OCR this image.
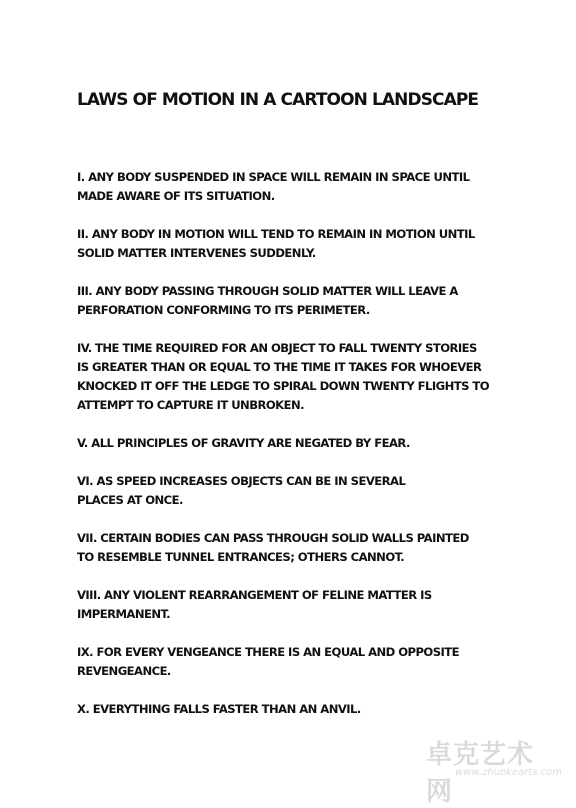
LAWS OF MOTION IN A CARTOON LANDSCAPE
I. ANY BODY SUSPENDED IN SPACE WILL REMAIN IN SPACE UNTIL
MADE AWARE OF ITS SITUATION.
II. ANY BODY IN MOTION WILL TEND TO REMAIN IN MOTION UNTIL
SOLID MATTER INTERVENES SUDDENLY.
III. ANY BODY PASSING THROUGH SOLID MATTER WILL LEAVE A
PERFORATION CONFORMING TO ITS PERIMETER.
IV. THE TIME REQUIRED FOR AN OBJECT TO FALL TWENTY STORIES
IS GREATER THAN OR EQUAL TO THE TIME IT TAKES FOR WHOEVER
KNOCKED IT OFF THE LEDGE TO SPIRAL DOWN TWENTY FLIGHTS TO
ATTEMPT TO CAPTURE IT UNBROKEN.
V. ALL PRINCIPLES OF GRAVITY ARE NEGATED BY FEAR.
VI. AS SPEED INCREASES OBJECTS CAN BE IN SEVERAL
PLACES AT ONCE.
VII. CERTAIN BODIES CAN PASS THROUGH SOLID WALLS PAINTED
TO RESEMBLE TUNNEL ENTRANCES; OTHERS CANNOT.
VIII. ANY VIOLENT REARRANGEMENT OF FELINE MATTER IS
IMPERMANENT.
IX. FOR EVERY VENGEANCE THERE IS AN EQUAL AND OPPOSITE
REVENGEANCE.
X. EVERYTHING FALLS FASTER THAN AN ANVIL.
卓克艺术网
www.zhuokearts.com
